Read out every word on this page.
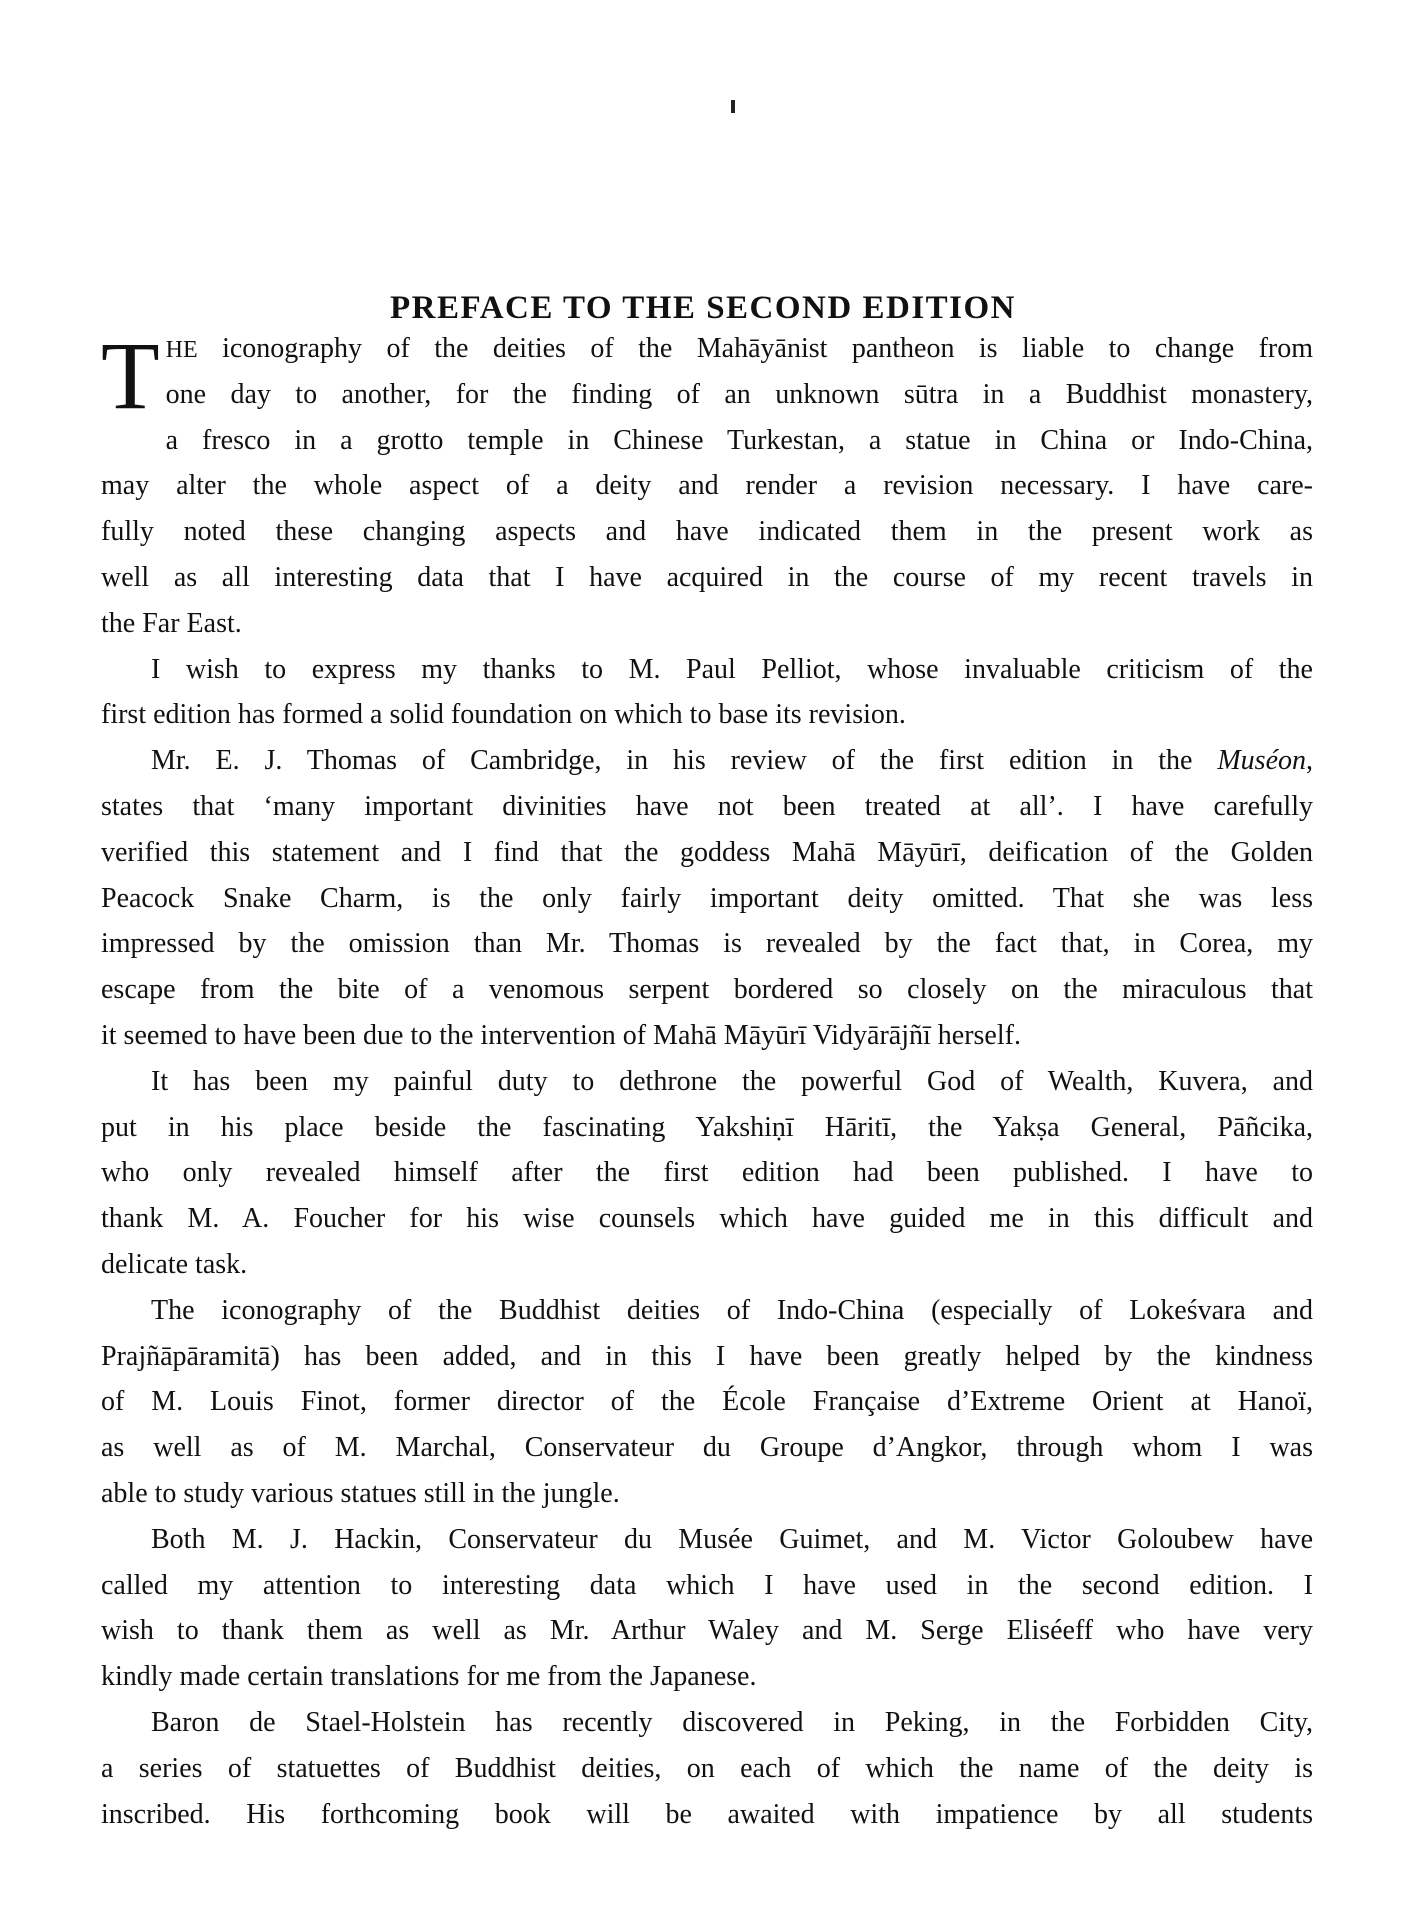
PREFACE TO THE SECOND EDITION
T HE iconography of the deities of the Mahāyānist pantheon is liable to change from
one day to another, for the finding of an unknown sūtra in a Buddhist monastery,
a fresco in a grotto temple in Chinese Turkestan, a statue in China or Indo-China,
may alter the whole aspect of a deity and render a revision necessary. I have care-
fully noted these changing aspects and have indicated them in the present work as
well as all interesting data that I have acquired in the course of my recent travels in
the Far East.
I wish to express my thanks to M. Paul Pelliot, whose invaluable criticism of the
first edition has formed a solid foundation on which to base its revision.
Mr. E. J. Thomas of Cambridge, in his review of the first edition in the Muséon,
states that ‘many important divinities have not been treated at all’. I have carefully
verified this statement and I find that the goddess Mahā Māyūrī, deification of the Golden
Peacock Snake Charm, is the only fairly important deity omitted. That she was less
impressed by the omission than Mr. Thomas is revealed by the fact that, in Corea, my
escape from the bite of a venomous serpent bordered so closely on the miraculous that
it seemed to have been due to the intervention of Mahā Māyūrī Vidyārājñī herself.
It has been my painful duty to dethrone the powerful God of Wealth, Kuvera, and
put in his place beside the fascinating Yakshiṇī Hāritī, the Yakṣa General, Pāñcika,
who only revealed himself after the first edition had been published. I have to
thank M. A. Foucher for his wise counsels which have guided me in this difficult and
delicate task.
The iconography of the Buddhist deities of Indo-China (especially of Lokeśvara and
Prajñāpāramitā) has been added, and in this I have been greatly helped by the kindness
of M. Louis Finot, former director of the École Française d’Extreme Orient at Hanoï,
as well as of M. Marchal, Conservateur du Groupe d’Angkor, through whom I was
able to study various statues still in the jungle.
Both M. J. Hackin, Conservateur du Musée Guimet, and M. Victor Goloubew have
called my attention to interesting data which I have used in the second edition. I
wish to thank them as well as Mr. Arthur Waley and M. Serge Eliséeff who have very
kindly made certain translations for me from the Japanese.
Baron de Stael-Holstein has recently discovered in Peking, in the Forbidden City,
a series of statuettes of Buddhist deities, on each of which the name of the deity is
inscribed. His forthcoming book will be awaited with impatience by all students
